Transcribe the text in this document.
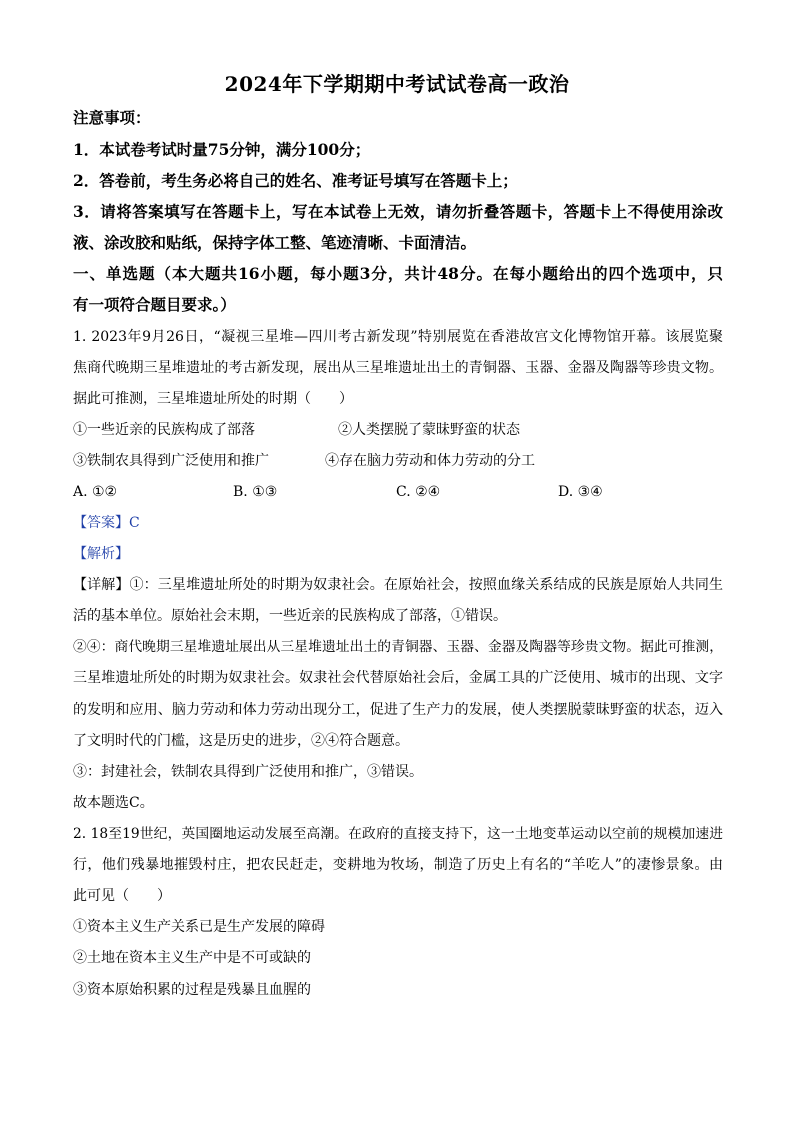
2024年下学期期中考试试卷高一政治
注意事项：
1．本试卷考试时量75分钟，满分100分；
2．答卷前，考生务必将自己的姓名、准考证号填写在答题卡上；
3．请将答案填写在答题卡上，写在本试卷上无效，请勿折叠答题卡，答题卡上不得使用涂改
液、涂改胶和贴纸，保持字体工整、笔迹清晰、卡面清洁。
一、单选题（本大题共16小题，每小题3分，共计48分。在每小题给出的四个选项中，只
有一项符合题目要求。）
1. 2023年9月26日，“凝视三星堆—四川考古新发现”特别展览在香港故宫文化博物馆开幕。该展览聚
焦商代晚期三星堆遗址的考古新发现，展出从三星堆遗址出土的青铜器、玉器、金器及陶器等珍贵文物。
据此可推测，三星堆遗址所处的时期（　　）
①一些近亲的民族构成了部落	②人类摆脱了蒙昧野蛮的状态
③铁制农具得到广泛使用和推广	④存在脑力劳动和体力劳动的分工
A. ①②	B. ①③	C. ②④	D. ③④
【答案】C
【解析】
【详解】①：三星堆遗址所处的时期为奴隶社会。在原始社会，按照血缘关系结成的民族是原始人共同生
活的基本单位。原始社会末期，一些近亲的民族构成了部落，①错误。
②④：商代晚期三星堆遗址展出从三星堆遗址出土的青铜器、玉器、金器及陶器等珍贵文物。据此可推测，
三星堆遗址所处的时期为奴隶社会。奴隶社会代替原始社会后，金属工具的广泛使用、城市的出现、文字
的发明和应用、脑力劳动和体力劳动出现分工，促进了生产力的发展，使人类摆脱蒙昧野蛮的状态，迈入
了文明时代的门槛，这是历史的进步，②④符合题意。
③：封建社会，铁制农具得到广泛使用和推广，③错误。
故本题选C。
2. 18至19世纪，英国圈地运动发展至高潮。在政府的直接支持下，这一土地变革运动以空前的规模加速进
行，他们残暴地摧毁村庄，把农民赶走，变耕地为牧场，制造了历史上有名的“羊吃人”的凄惨景象。由
此可见（　　）
①资本主义生产关系已是生产发展的障碍
②土地在资本主义生产中是不可或缺的
③资本原始积累的过程是残暴且血腥的
